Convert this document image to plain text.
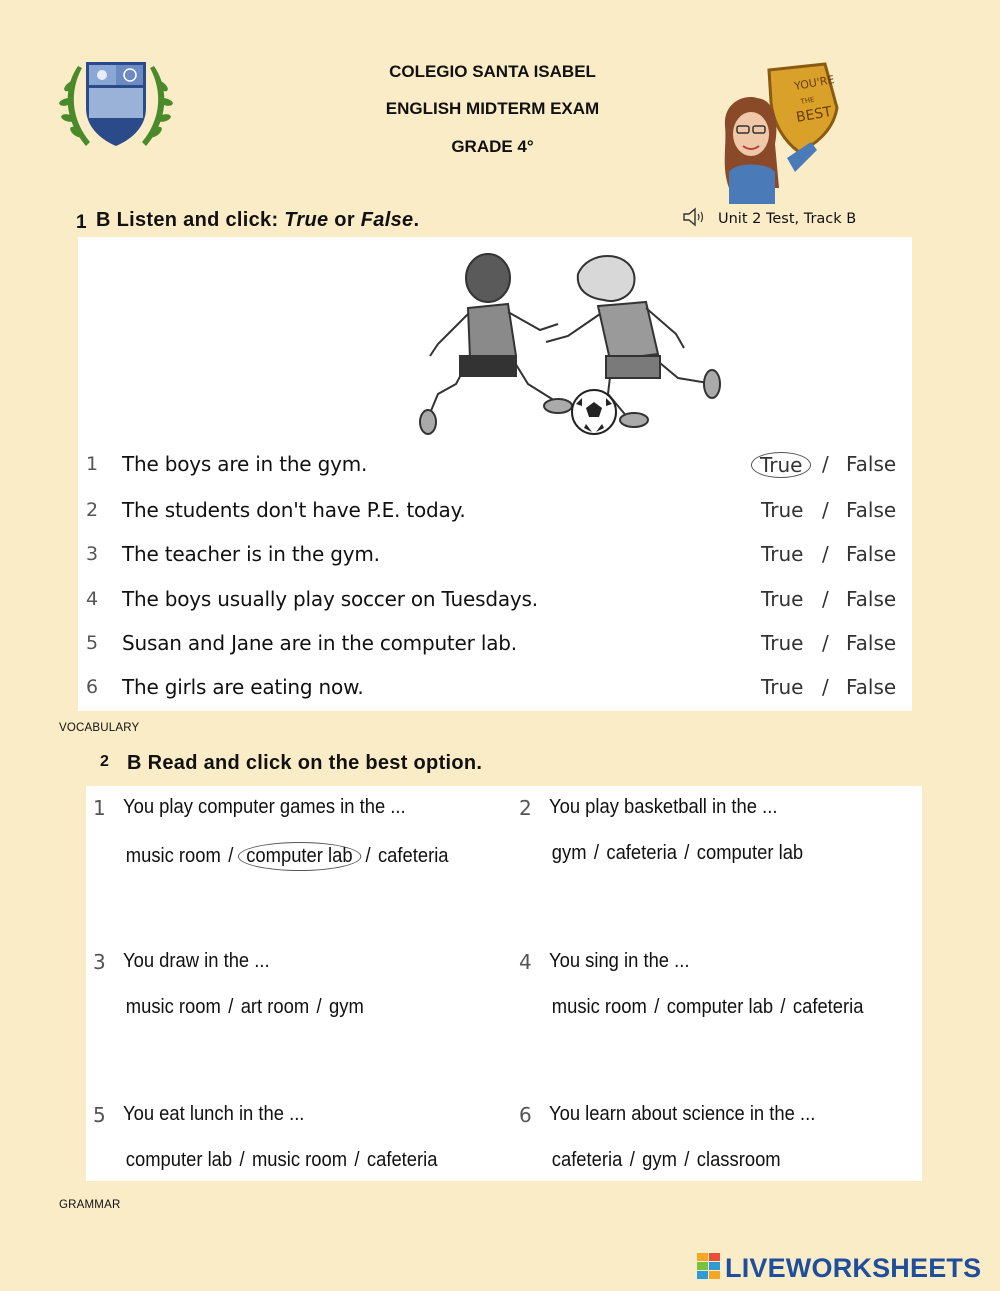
COLEGIO SANTA ISABEL
ENGLISH MIDTERM EXAM
GRADE 4°
YOU'RE
THE
BEST
1 B Listen and click: True or False.	Unit 2 Test, Track B
1 The boys are in the gym.	True / False
2 The students don't have P.E. today.	True / False
3 The teacher is in the gym.	True / False
4 The boys usually play soccer on Tuesdays.	True / False
5 Susan and Jane are in the computer lab.	True / False
6 The girls are eating now.	True / False
VOCABULARY
2 B Read and click on the best option.
1 You play computer games in the ...
music room / computer lab / cafeteria
2 You play basketball in the ...
gym / cafeteria / computer lab
3 You draw in the ...
music room / art room / gym
4 You sing in the ...
music room / computer lab / cafeteria
5 You eat lunch in the ...
computer lab / music room / cafeteria
6 You learn about science in the ...
cafeteria / gym / classroom
GRAMMAR
LIVEWORKSHEETS
